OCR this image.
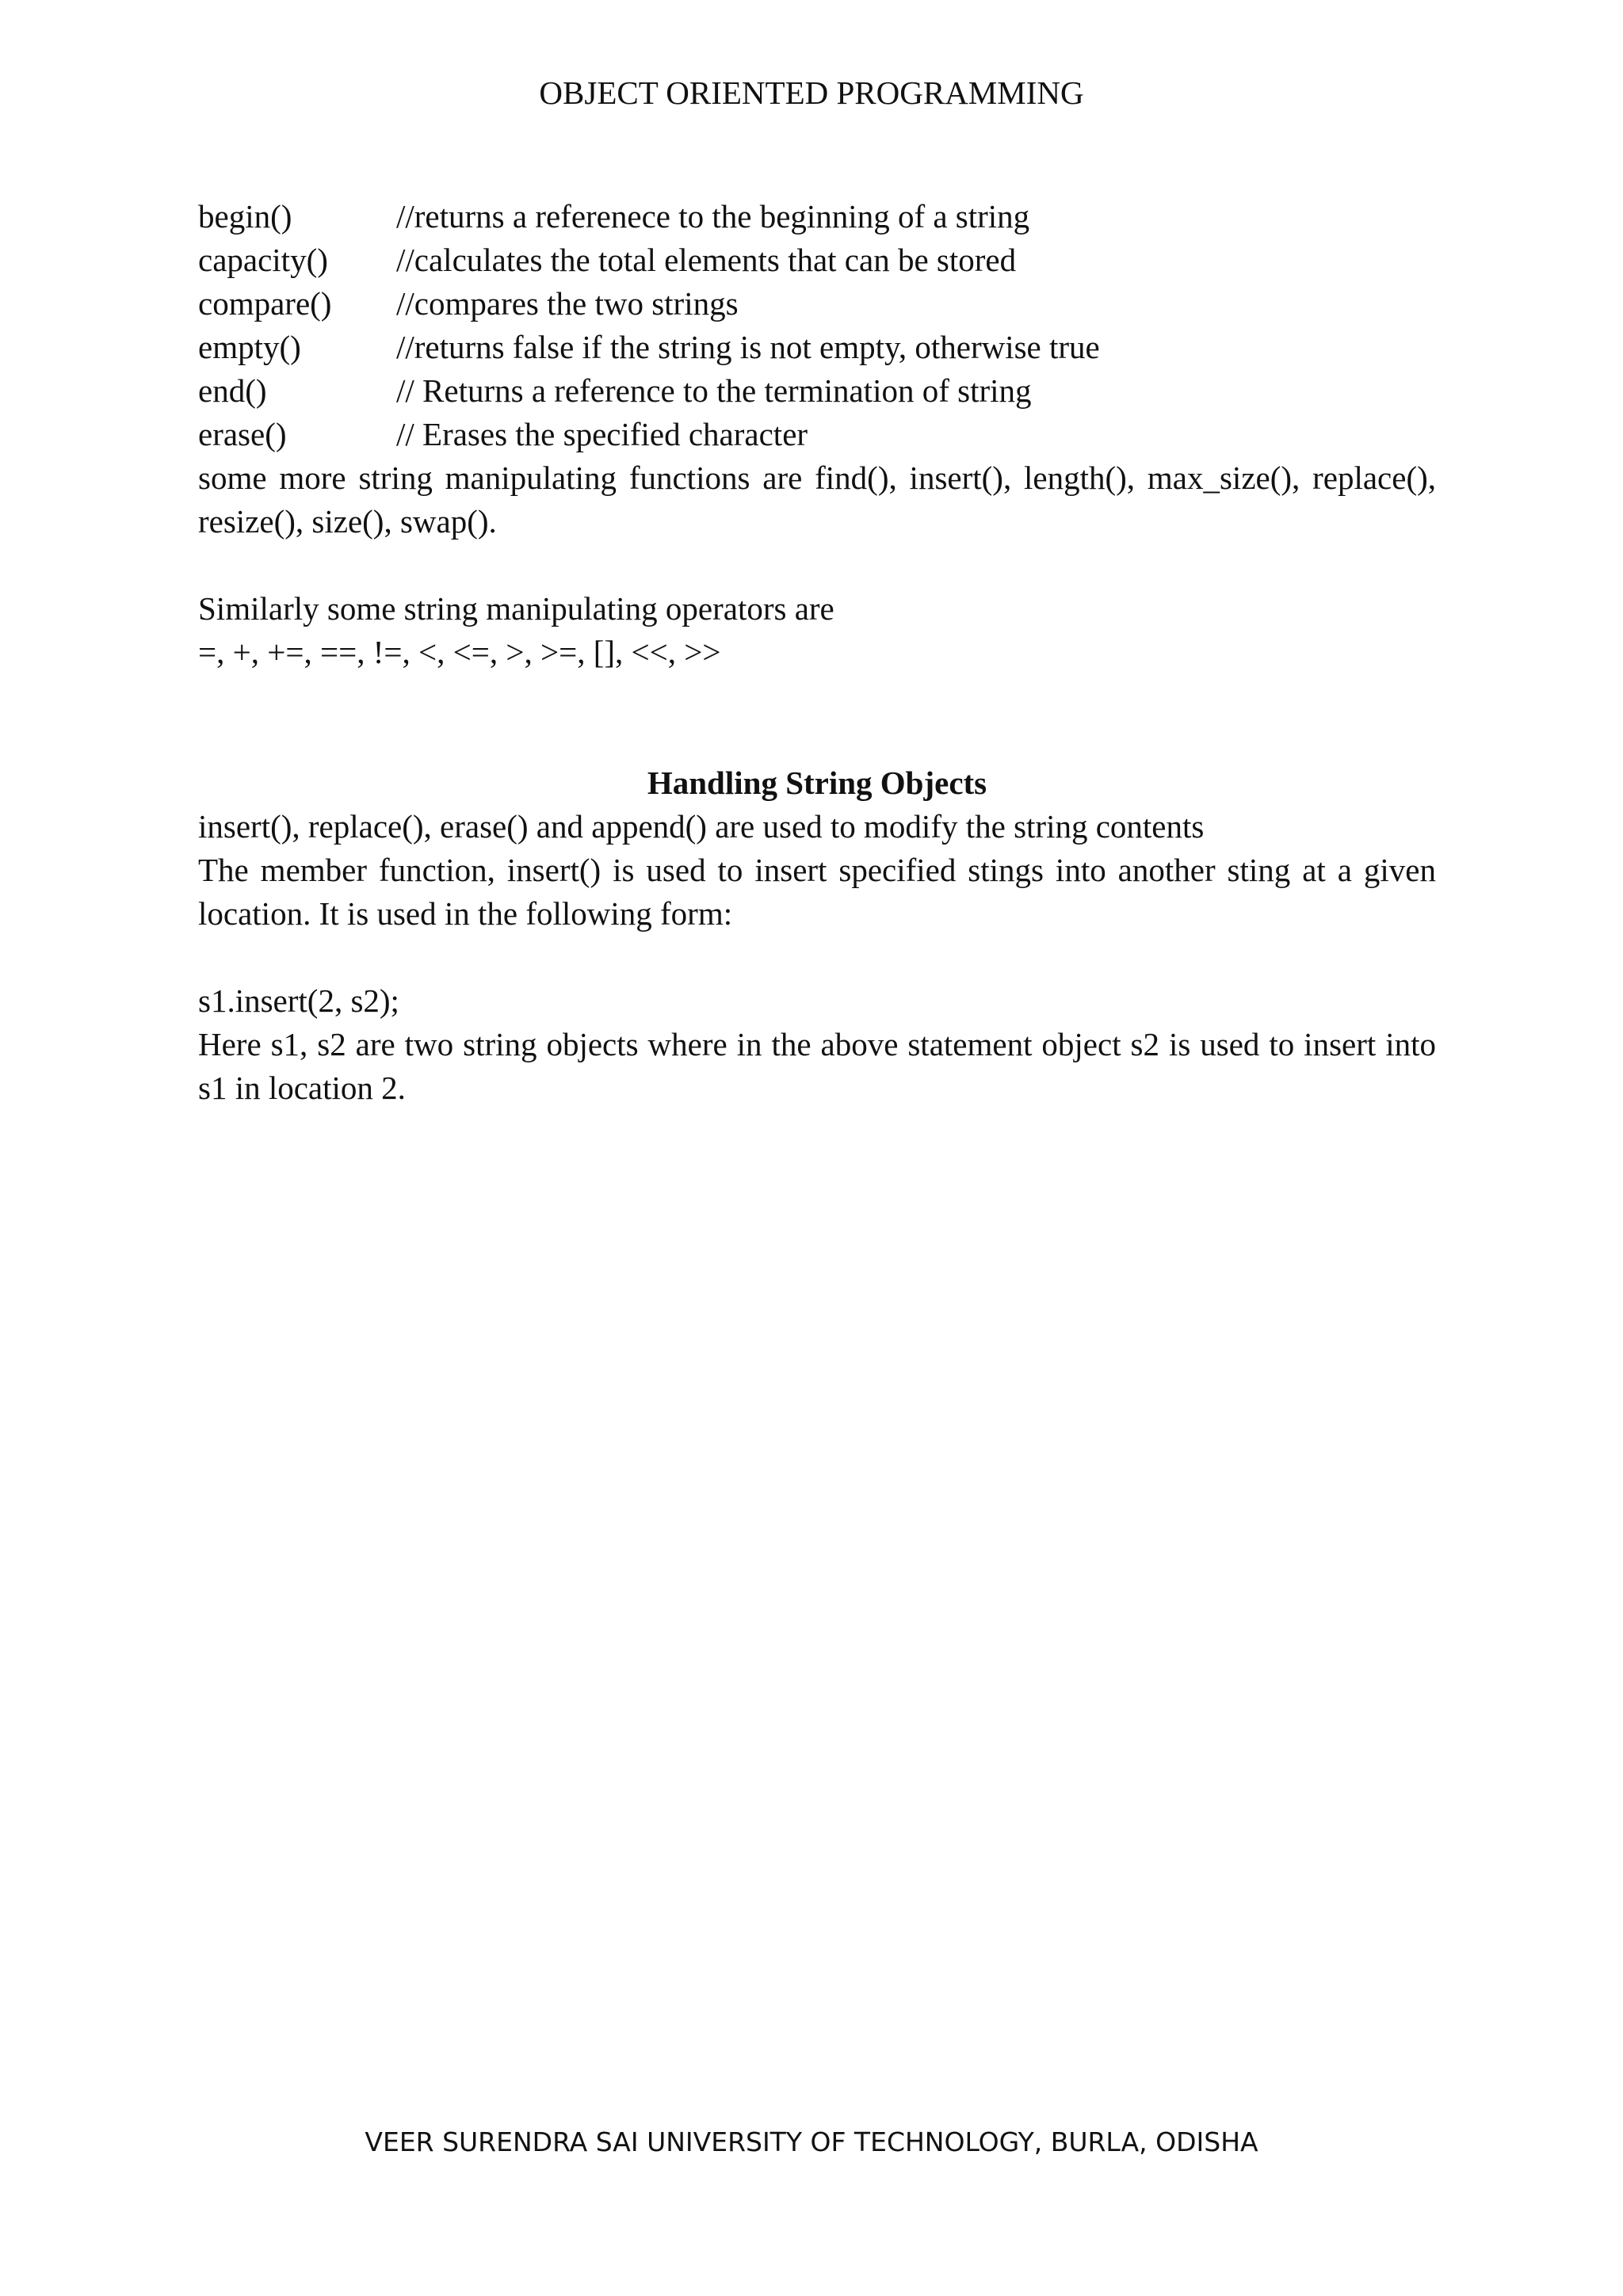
OBJECT ORIENTED PROGRAMMING
begin()	//returns a referenece to the beginning of a string
capacity()	//calculates the total elements that can be stored
compare()	//compares the two strings
empty()	//returns false if the string is not empty, otherwise true
end()	// Returns a reference to the termination of string
erase()	// Erases the specified character

some more string manipulating functions are find(), insert(), length(), max_size(), replace(), resize(), size(), swap().

Similarly some string manipulating operators are

=, +, +=, ==, !=, <, <=, >, >=, [], <<, >>

Handling String Objects

insert(), replace(), erase() and append() are used to modify the string contents

The member function, insert() is used to insert specified stings into another sting at a given location. It is used in the following form:

s1.insert(2, s2);

Here s1, s2 are two string objects where in the above statement object s2 is used to insert into s1 in location 2.

VEER SURENDRA SAI UNIVERSITY OF TECHNOLOGY, BURLA, ODISHA
